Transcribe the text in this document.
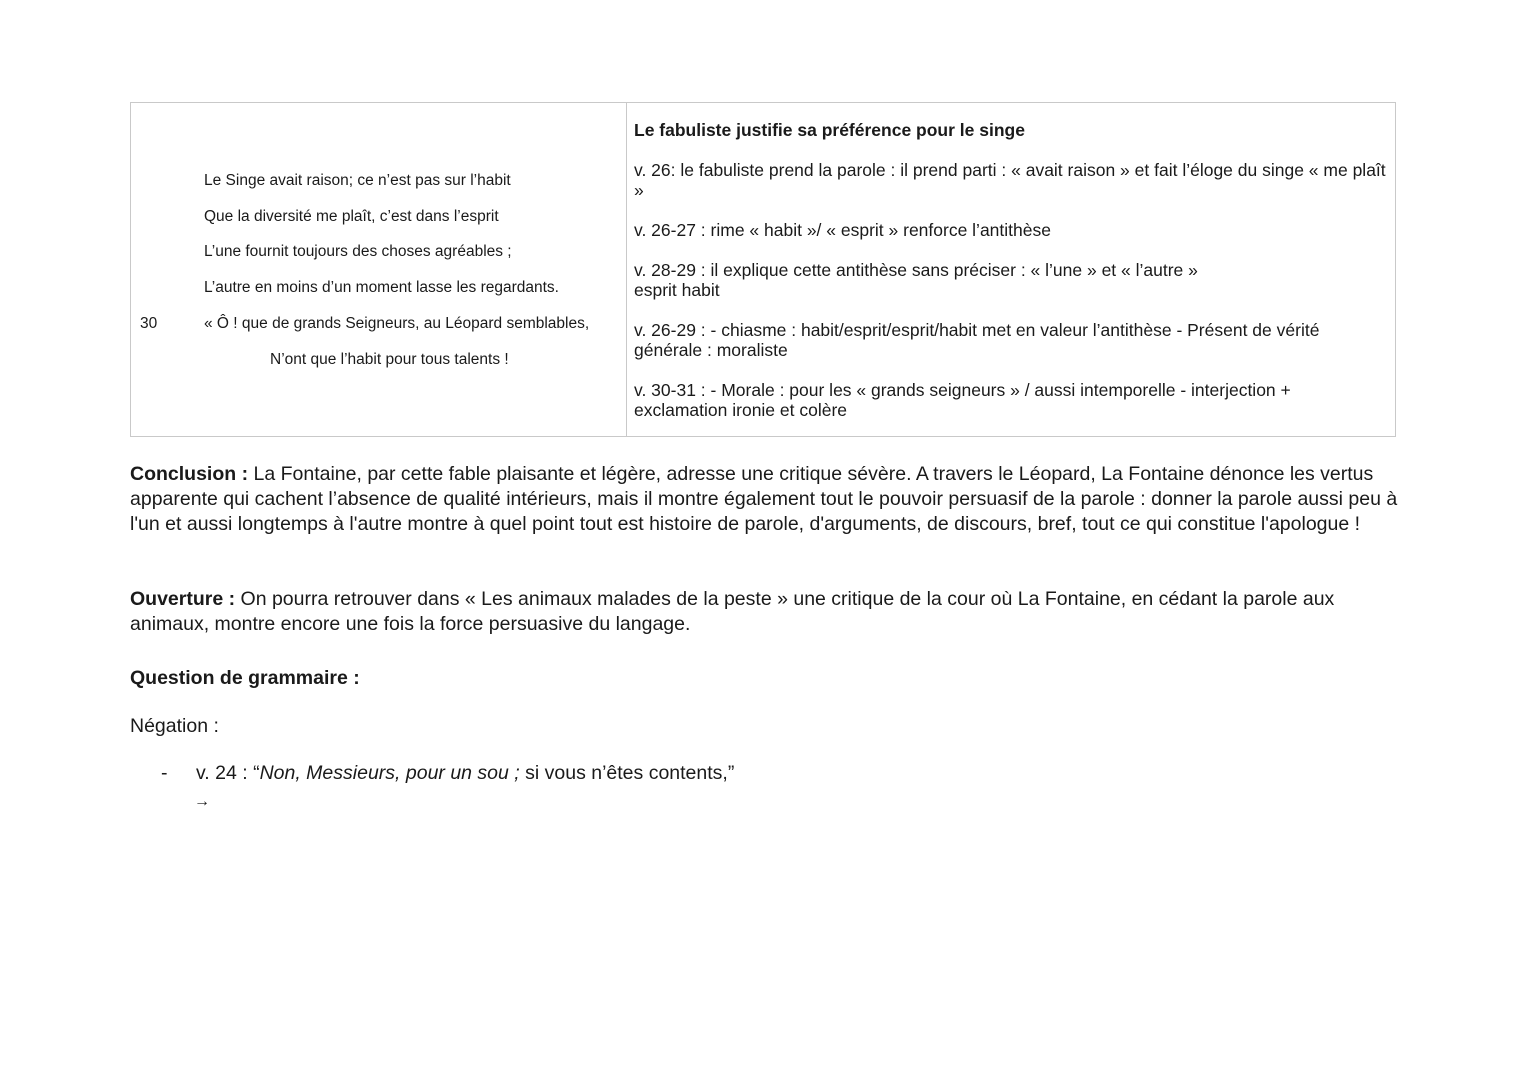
Le Singe avait raison; ce n’est pas sur l’habit
Que la diversité me plaît, c’est dans l’esprit
L’une fournit toujours des choses agréables ;
L’autre en moins d’un moment lasse les regardants.
« Ô ! que de grands Seigneurs, au Léopard semblables,
N’ont que l’habit pour tous talents !
30

Le fabuliste justifie sa préférence pour le singe

v. 26: le fabuliste prend la parole : il prend parti : « avait raison » et fait l’éloge du singe « me plaît »

v. 26-27 : rime « habit »/ « esprit » renforce l’antithèse

v. 28-29 : il explique cette antithèse sans préciser : « l’une » et « l’autre » esprit habit

v. 26-29 : - chiasme : habit/esprit/esprit/habit met en valeur l’antithèse - Présent de vérité générale : moraliste

v. 30-31 : - Morale : pour les « grands seigneurs » / aussi intemporelle - interjection + exclamation ironie et colère

Conclusion : La Fontaine, par cette fable plaisante et légère, adresse une critique sévère. A travers le Léopard, La Fontaine dénonce les vertus apparente qui cachent l’absence de qualité intérieurs, mais il montre également tout le pouvoir persuasif de la parole : donner la parole aussi peu à l'un et aussi longtemps à l'autre montre à quel point tout est histoire de parole, d'arguments, de discours, bref, tout ce qui constitue l'apologue !

Ouverture : On pourra retrouver dans « Les animaux malades de la peste » une critique de la cour où La Fontaine, en cédant la parole aux animaux, montre encore une fois la force persuasive du langage.

Question de grammaire :
Négation :
- v. 24 : “Non, Messieurs, pour un sou ; si vous n’êtes contents,”
→
